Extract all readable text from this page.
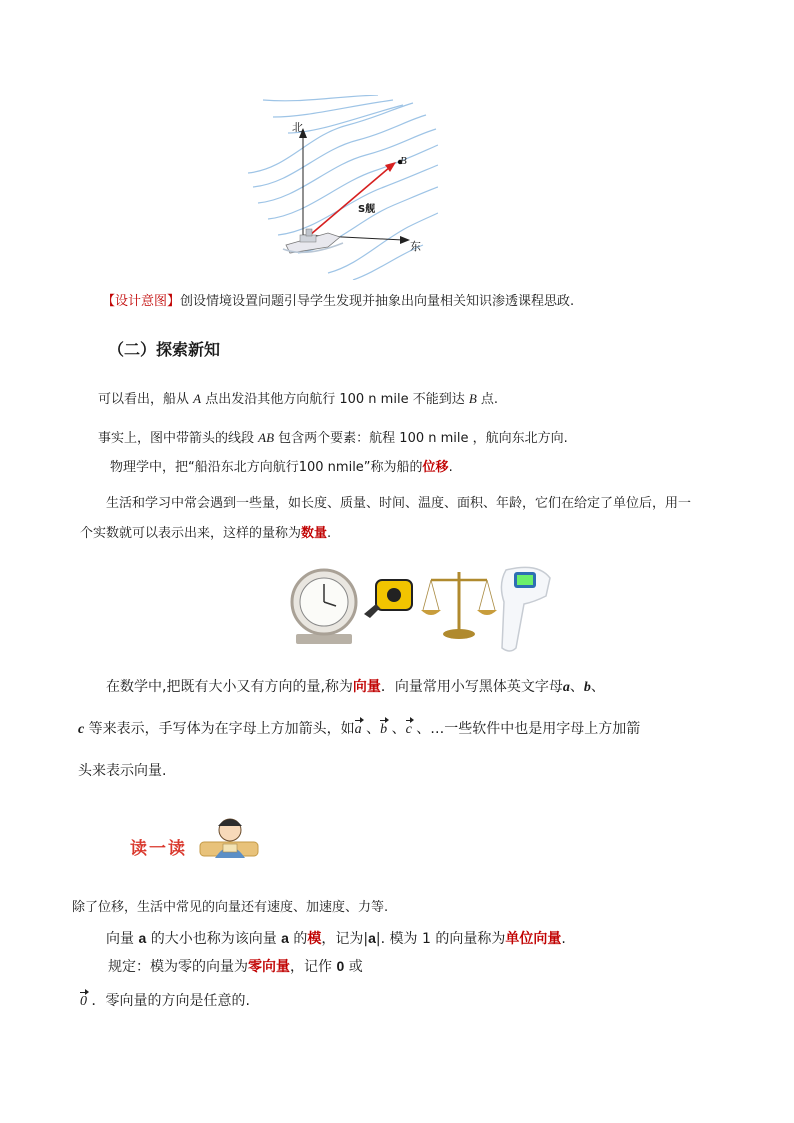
北
B
S舰
东
【设计意图】创设情境设置问题引导学生发现并抽象出向量相关知识渗透课程思政.
（二）探索新知
可以看出，船从 A 点出发沿其他方向航行 100 n mile 不能到达 B 点.
事实上，图中带箭头的线段 AB 包含两个要素：航程 100 n mile ，航向东北方向.
物理学中，把“船沿东北方向航行100 nmile”称为船的位移.
生活和学习中常会遇到一些量，如长度、质量、时间、温度、面积、年龄，它们在给定了单位后，用一
个实数就可以表示出来，这样的量称为数量.
在数学中,把既有大小又有方向的量,称为向量．向量常用小写黑体英文字母a、b、
c 等来表示，手写体为在字母上方加箭头，如a 、b 、c 、…一些软件中也是用字母上方加箭
头来表示向量.
读一读
除了位移，生活中常见的向量还有速度、加速度、力等.
向量 a 的大小也称为该向量 a 的模，记为|a|. 模为 1 的向量称为单位向量.
规定：模为零的向量为零向量，记作 0 或
0 ．零向量的方向是任意的.
